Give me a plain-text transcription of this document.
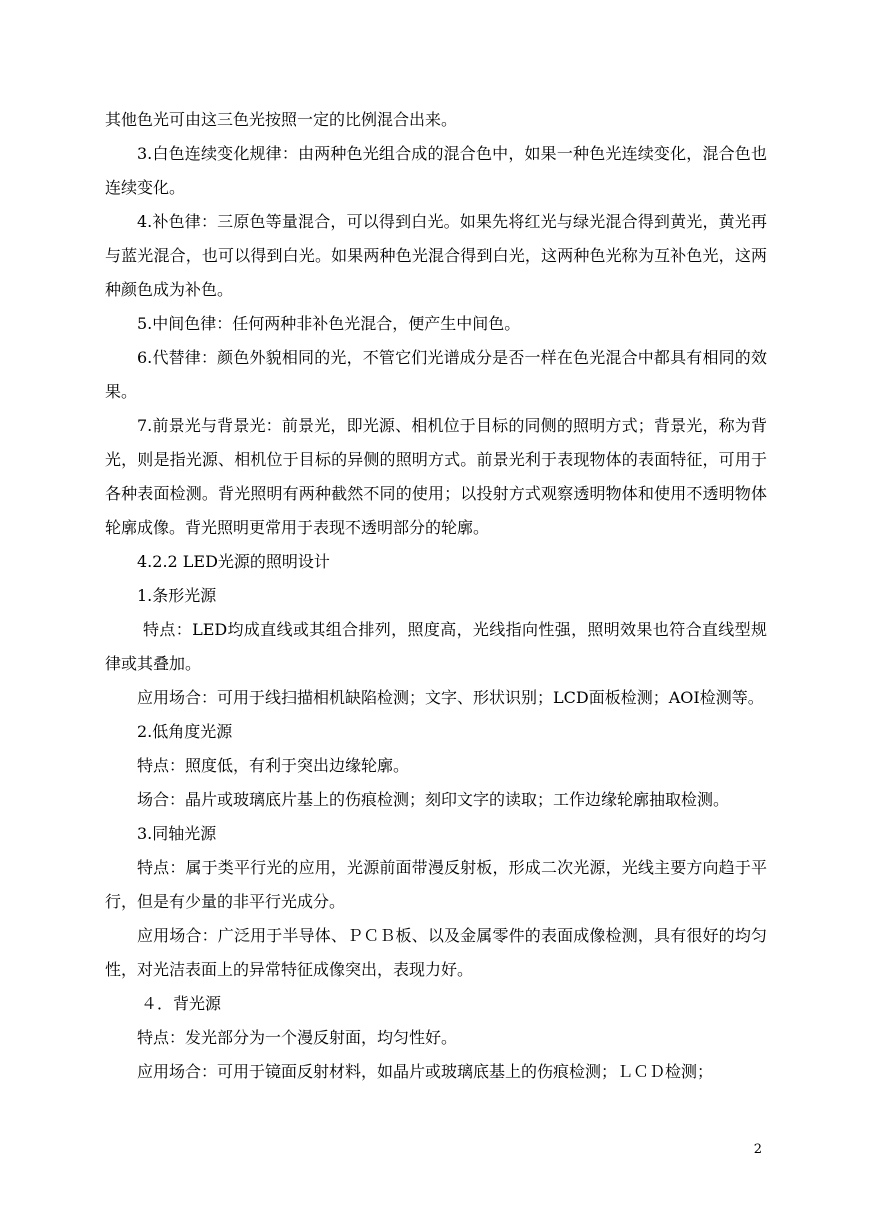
其他色光可由这三色光按照一定的比例混合出来。

3.白色连续变化规律：由两种色光组合成的混合色中，如果一种色光连续变化，混合色也连续变化。

4.补色律：三原色等量混合，可以得到白光。如果先将红光与绿光混合得到黄光，黄光再与蓝光混合，也可以得到白光。如果两种色光混合得到白光，这两种色光称为互补色光，这两种颜色成为补色。

5.中间色律：任何两种非补色光混合，便产生中间色。

6.代替律：颜色外貌相同的光，不管它们光谱成分是否一样在色光混合中都具有相同的效果。

7.前景光与背景光：前景光，即光源、相机位于目标的同侧的照明方式；背景光，称为背光，则是指光源、相机位于目标的异侧的照明方式。前景光利于表现物体的表面特征，可用于各种表面检测。背光照明有两种截然不同的使用；以投射方式观察透明物体和使用不透明物体轮廓成像。背光照明更常用于表现不透明部分的轮廓。

4.2.2 LED光源的照明设计

1.条形光源

特点：LED均成直线或其组合排列，照度高，光线指向性强，照明效果也符合直线型规律或其叠加。

应用场合：可用于线扫描相机缺陷检测；文字、形状识别；LCD面板检测；AOI检测等。

2.低角度光源

特点：照度低，有利于突出边缘轮廓。

场合：晶片或玻璃底片基上的伤痕检测；刻印文字的读取；工作边缘轮廓抽取检测。

3.同轴光源

特点：属于类平行光的应用，光源前面带漫反射板，形成二次光源，光线主要方向趋于平行，但是有少量的非平行光成分。

应用场合：广泛用于半导体、ＰＣＢ板、以及金属零件的表面成像检测，具有很好的均匀性，对光洁表面上的异常特征成像突出，表现力好。

４．背光源

特点：发光部分为一个漫反射面，均匀性好。

应用场合：可用于镜面反射材料，如晶片或玻璃底基上的伤痕检测；ＬＣＤ检测；

2
